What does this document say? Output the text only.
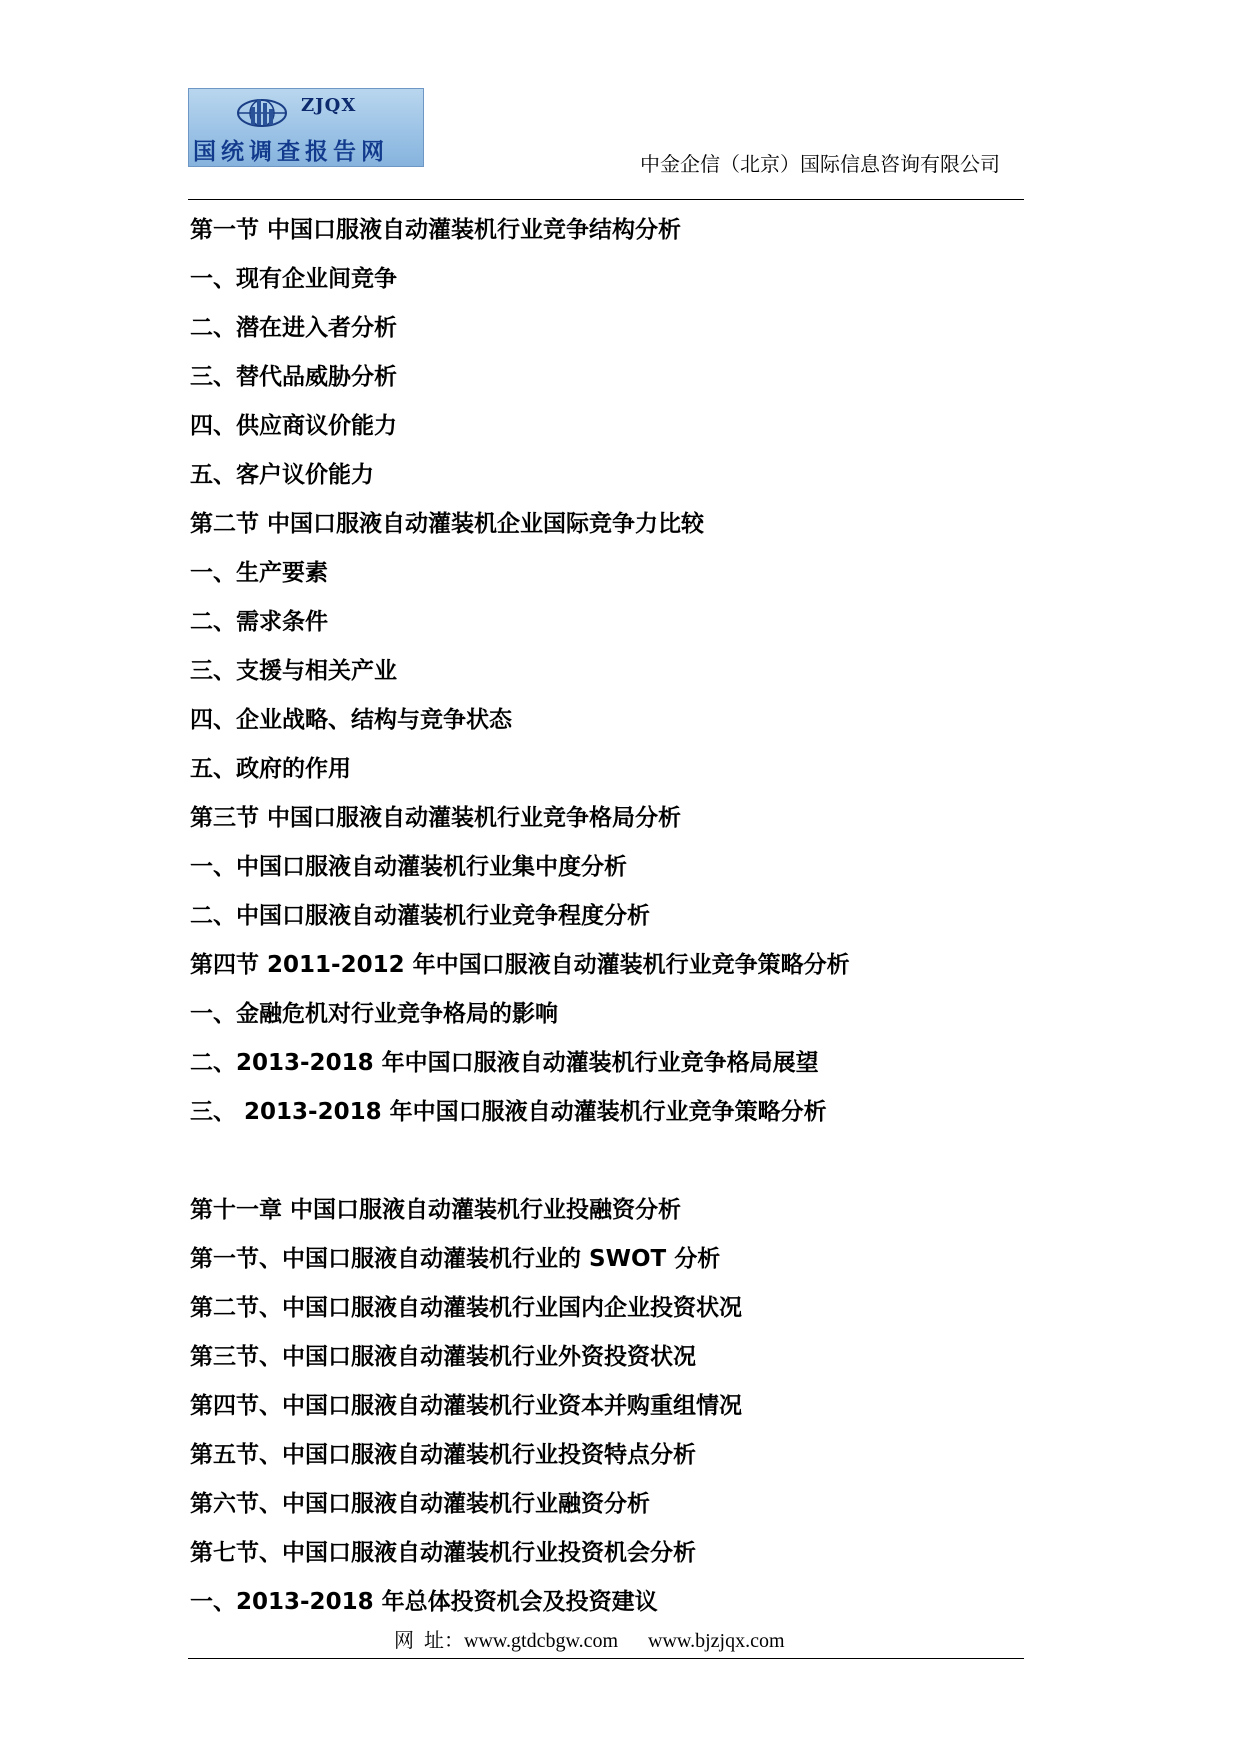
ZJQX
国统调查报告网	中金企信（北京）国际信息咨询有限公司
第一节 中国口服液自动灌装机行业竞争结构分析
一、现有企业间竞争
二、潜在进入者分析
三、替代品威胁分析
四、供应商议价能力
五、客户议价能力
第二节 中国口服液自动灌装机企业国际竞争力比较
一、生产要素
二、需求条件
三、支援与相关产业
四、企业战略、结构与竞争状态
五、政府的作用
第三节 中国口服液自动灌装机行业竞争格局分析
一、中国口服液自动灌装机行业集中度分析
二、中国口服液自动灌装机行业竞争程度分析
第四节 2011-2012 年中国口服液自动灌装机行业竞争策略分析
一、金融危机对行业竞争格局的影响
二、2013-2018 年中国口服液自动灌装机行业竞争格局展望
三、 2013-2018 年中国口服液自动灌装机行业竞争策略分析
第十一章 中国口服液自动灌装机行业投融资分析
第一节、中国口服液自动灌装机行业的 SWOT 分析
第二节、中国口服液自动灌装机行业国内企业投资状况
第三节、中国口服液自动灌装机行业外资投资状况
第四节、中国口服液自动灌装机行业资本并购重组情况
第五节、中国口服液自动灌装机行业投资特点分析
第六节、中国口服液自动灌装机行业融资分析
第七节、中国口服液自动灌装机行业投资机会分析
一、2013-2018 年总体投资机会及投资建议
网  址：www.gtdcbgw.com      www.bjzjqx.com
